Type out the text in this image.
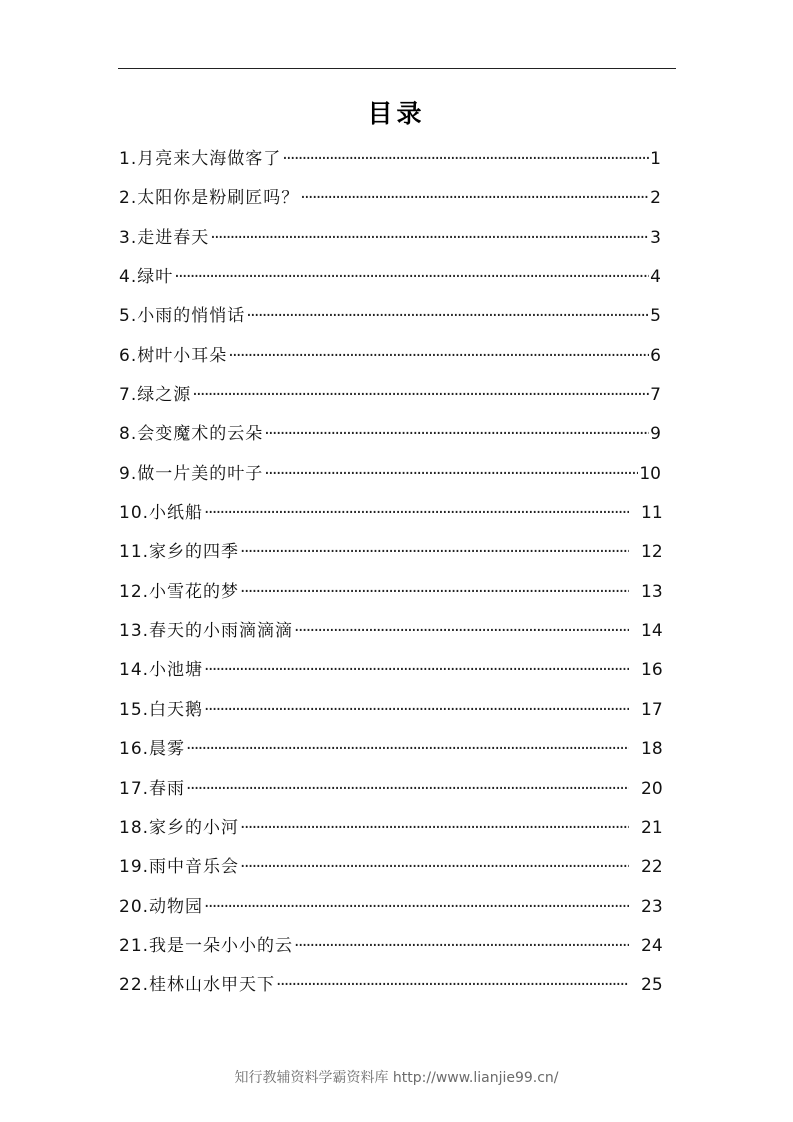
目录
1.月亮来大海做客了 ·····	1
2.太阳你是粉刷匠吗？ ·····	2
3.走进春天 ·····	3
4.绿叶 ·····	4
5.小雨的悄悄话 ·····	5
6.树叶小耳朵 ·····	6
7.绿之源 ·····	7
8.会变魔术的云朵 ·····	9
9.做一片美的叶子 ·····	10
10.小纸船 ·····	11
11.家乡的四季 ·····	12
12.小雪花的梦 ·····	13
13.春天的小雨滴滴滴 ·····	14
14.小池塘 ·····	16
15.白天鹅 ·····	17
16.晨雾 ·····	18
17.春雨 ·····	20
18.家乡的小河 ·····	21
19.雨中音乐会 ·····	22
20.动物园 ·····	23
21.我是一朵小小的云 ·····	24
22.桂林山水甲天下 ·····	25
知行教辅资料学霸资料库 http://www.lianjie99.cn/
